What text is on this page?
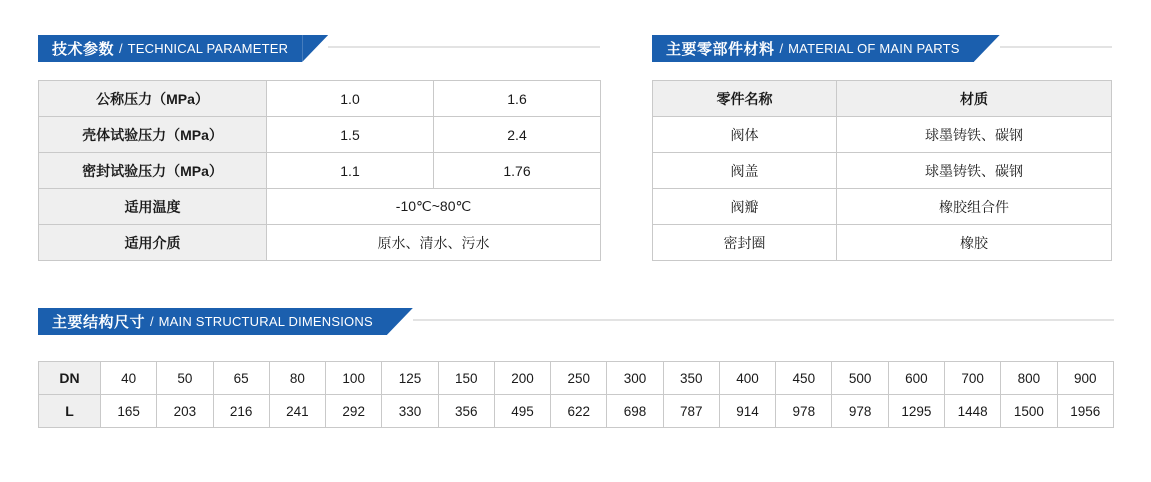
技术参数 / TECHNICAL PARAMETER
公称压力（MPa）	1.0	1.6
壳体试验压力（MPa）	1.5	2.4
密封试验压力（MPa）	1.1	1.76
适用温度	-10℃~80℃	
适用介质	原水、清水、污水	
主要零部件材料 / MATERIAL OF MAIN PARTS
零件名称	材质
阀体	球墨铸铁、碳钢
阀盖	球墨铸铁、碳钢
阀瓣	橡胶组合件
密封圈	橡胶
主要结构尺寸 / MAIN STRUCTURAL DIMENSIONS
DN	40	50	65	80	100	125	150	200	250	300	350	400	450	500	600	700	800	900
L	165	203	216	241	292	330	356	495	622	698	787	914	978	978	1295	1448	1500	1956
